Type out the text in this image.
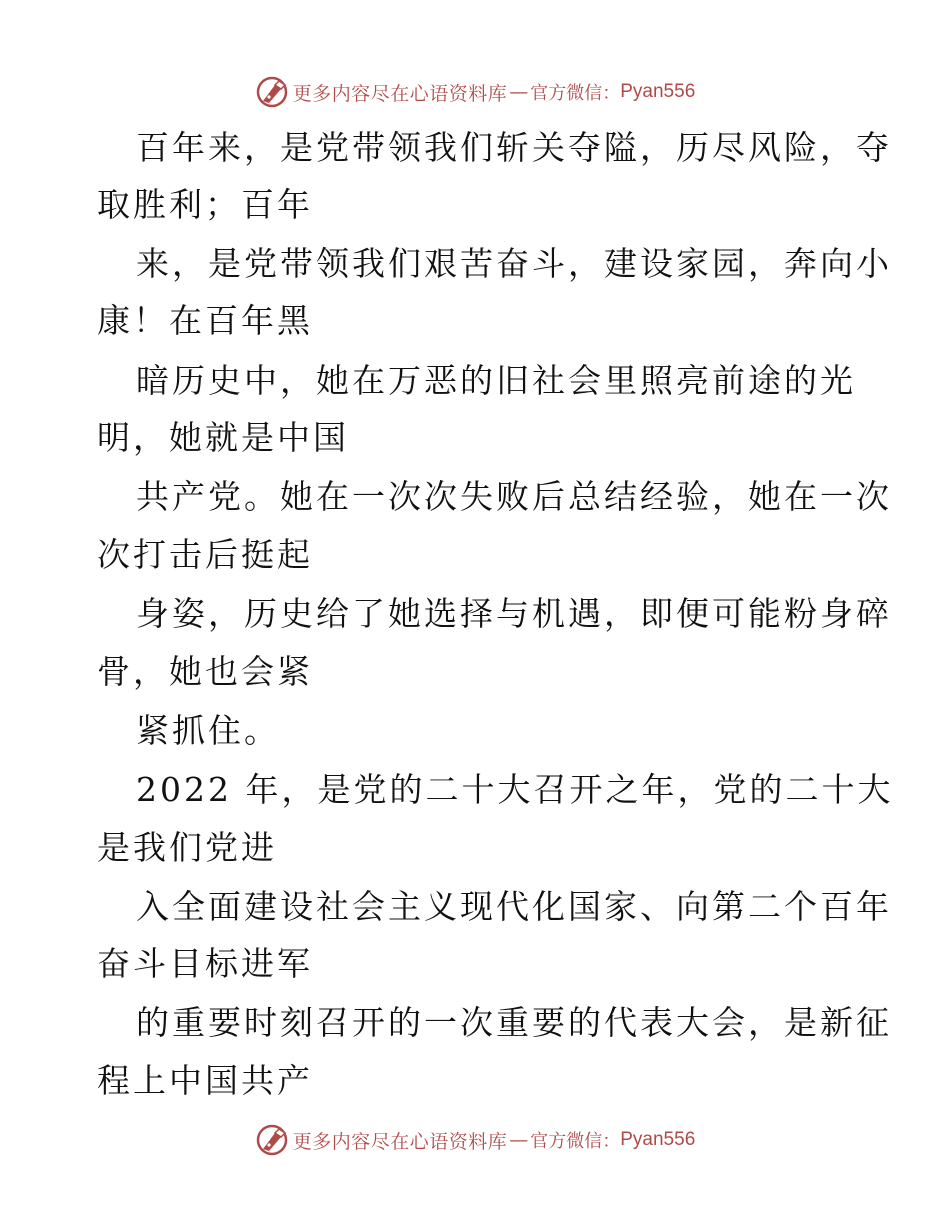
更多内容尽在心语资料库 — 官方微信： Pyan556
百年来，是党带领我们斩关夺隘，历尽风险，夺
取胜利；百年
来，是党带领我们艰苦奋斗，建设家园，奔向小
康！在百年黑
暗历史中，她在万恶的旧社会里照亮前途的光
明，她就是中国
共产党。她在一次次失败后总结经验，她在一次
次打击后挺起
身姿，历史给了她选择与机遇，即便可能粉身碎
骨，她也会紧
紧抓住。
2022 年，是党的二十大召开之年，党的二十大
是我们党进
入全面建设社会主义现代化国家、向第二个百年
奋斗目标进军
的重要时刻召开的一次重要的代表大会，是新征
程上中国共产
更多内容尽在心语资料库 — 官方微信： Pyan556
